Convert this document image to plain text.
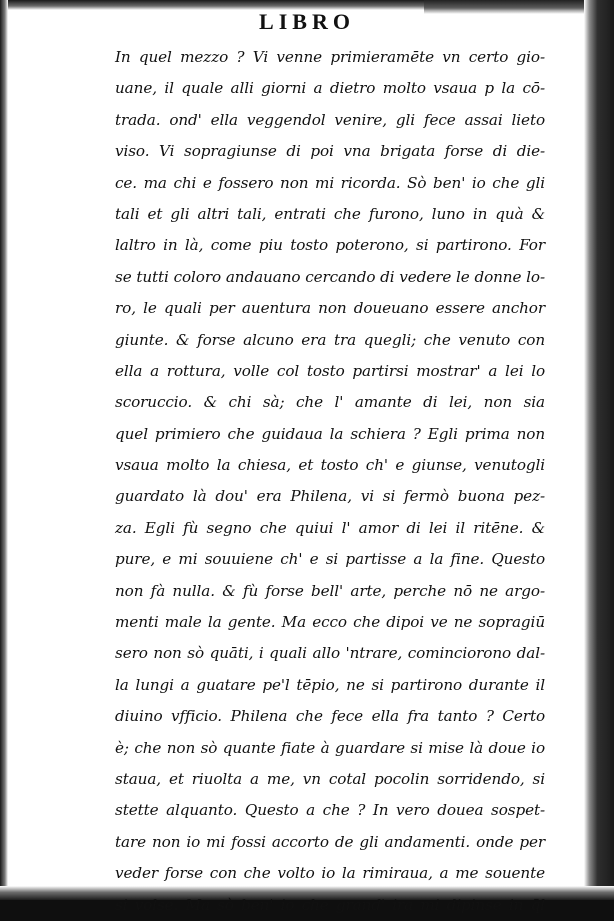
LIBRO
In quel mezzo ? Vi venne primieramēte vn certo gio-
uane, il quale alli giorni a dietro molto vsaua p la cō-
trada. ond' ella veggendol venire, gli fece assai lieto
viso. Vi sopragiunse di poi vna brigata forse di die-
ce. ma chi e fossero non mi ricorda. Sò ben' io che gli
tali et gli altri tali, entrati che furono, luno in quà &
laltro in là, come piu tosto poterono, si partirono. For
se tutti coloro andauano cercando di vedere le donne lo-
ro, le quali per auentura non doueuano essere anchor
giunte. & forse alcuno era tra quegli; che venuto con
ella a rottura, volle col tosto partirsi mostrar' a lei lo
scoruccio. & chi sà; che l' amante di lei, non sia
quel primiero che guidaua la schiera ? Egli prima non
vsaua molto la chiesa, et tosto ch' e giunse, venutogli
guardato là dou' era Philena, vi si fermò buona pez-
za. Egli fù segno che quiui l' amor di lei il ritēne. &
pure, e mi souuiene ch' e si partisse a la fine. Questo
non fà nulla. & fù forse bell' arte, perche nō ne argo-
menti male la gente. Ma ecco che dipoi ve ne sopragiū
sero non sò quāti, i quali allo 'ntrare, cominciorono dal-
la lungi a guatare pe'l tēpio, ne si partirono durante il
diuino vfficio. Philena che fece ella fra tanto ? Certo
è; che non sò quante fiate à guardare si mise là doue io
staua, et riuolta a me, vn cotal pocolin sorridendo, si
stette alquanto. Questo a che ? In vero douea sospet-
tare non io mi fossi accorto de gli andamenti. onde per
veder forse con che volto io la rimiraua, a me souente
si volse. Ma sò ben' io che grand' ira mi dipinse in q̄l
